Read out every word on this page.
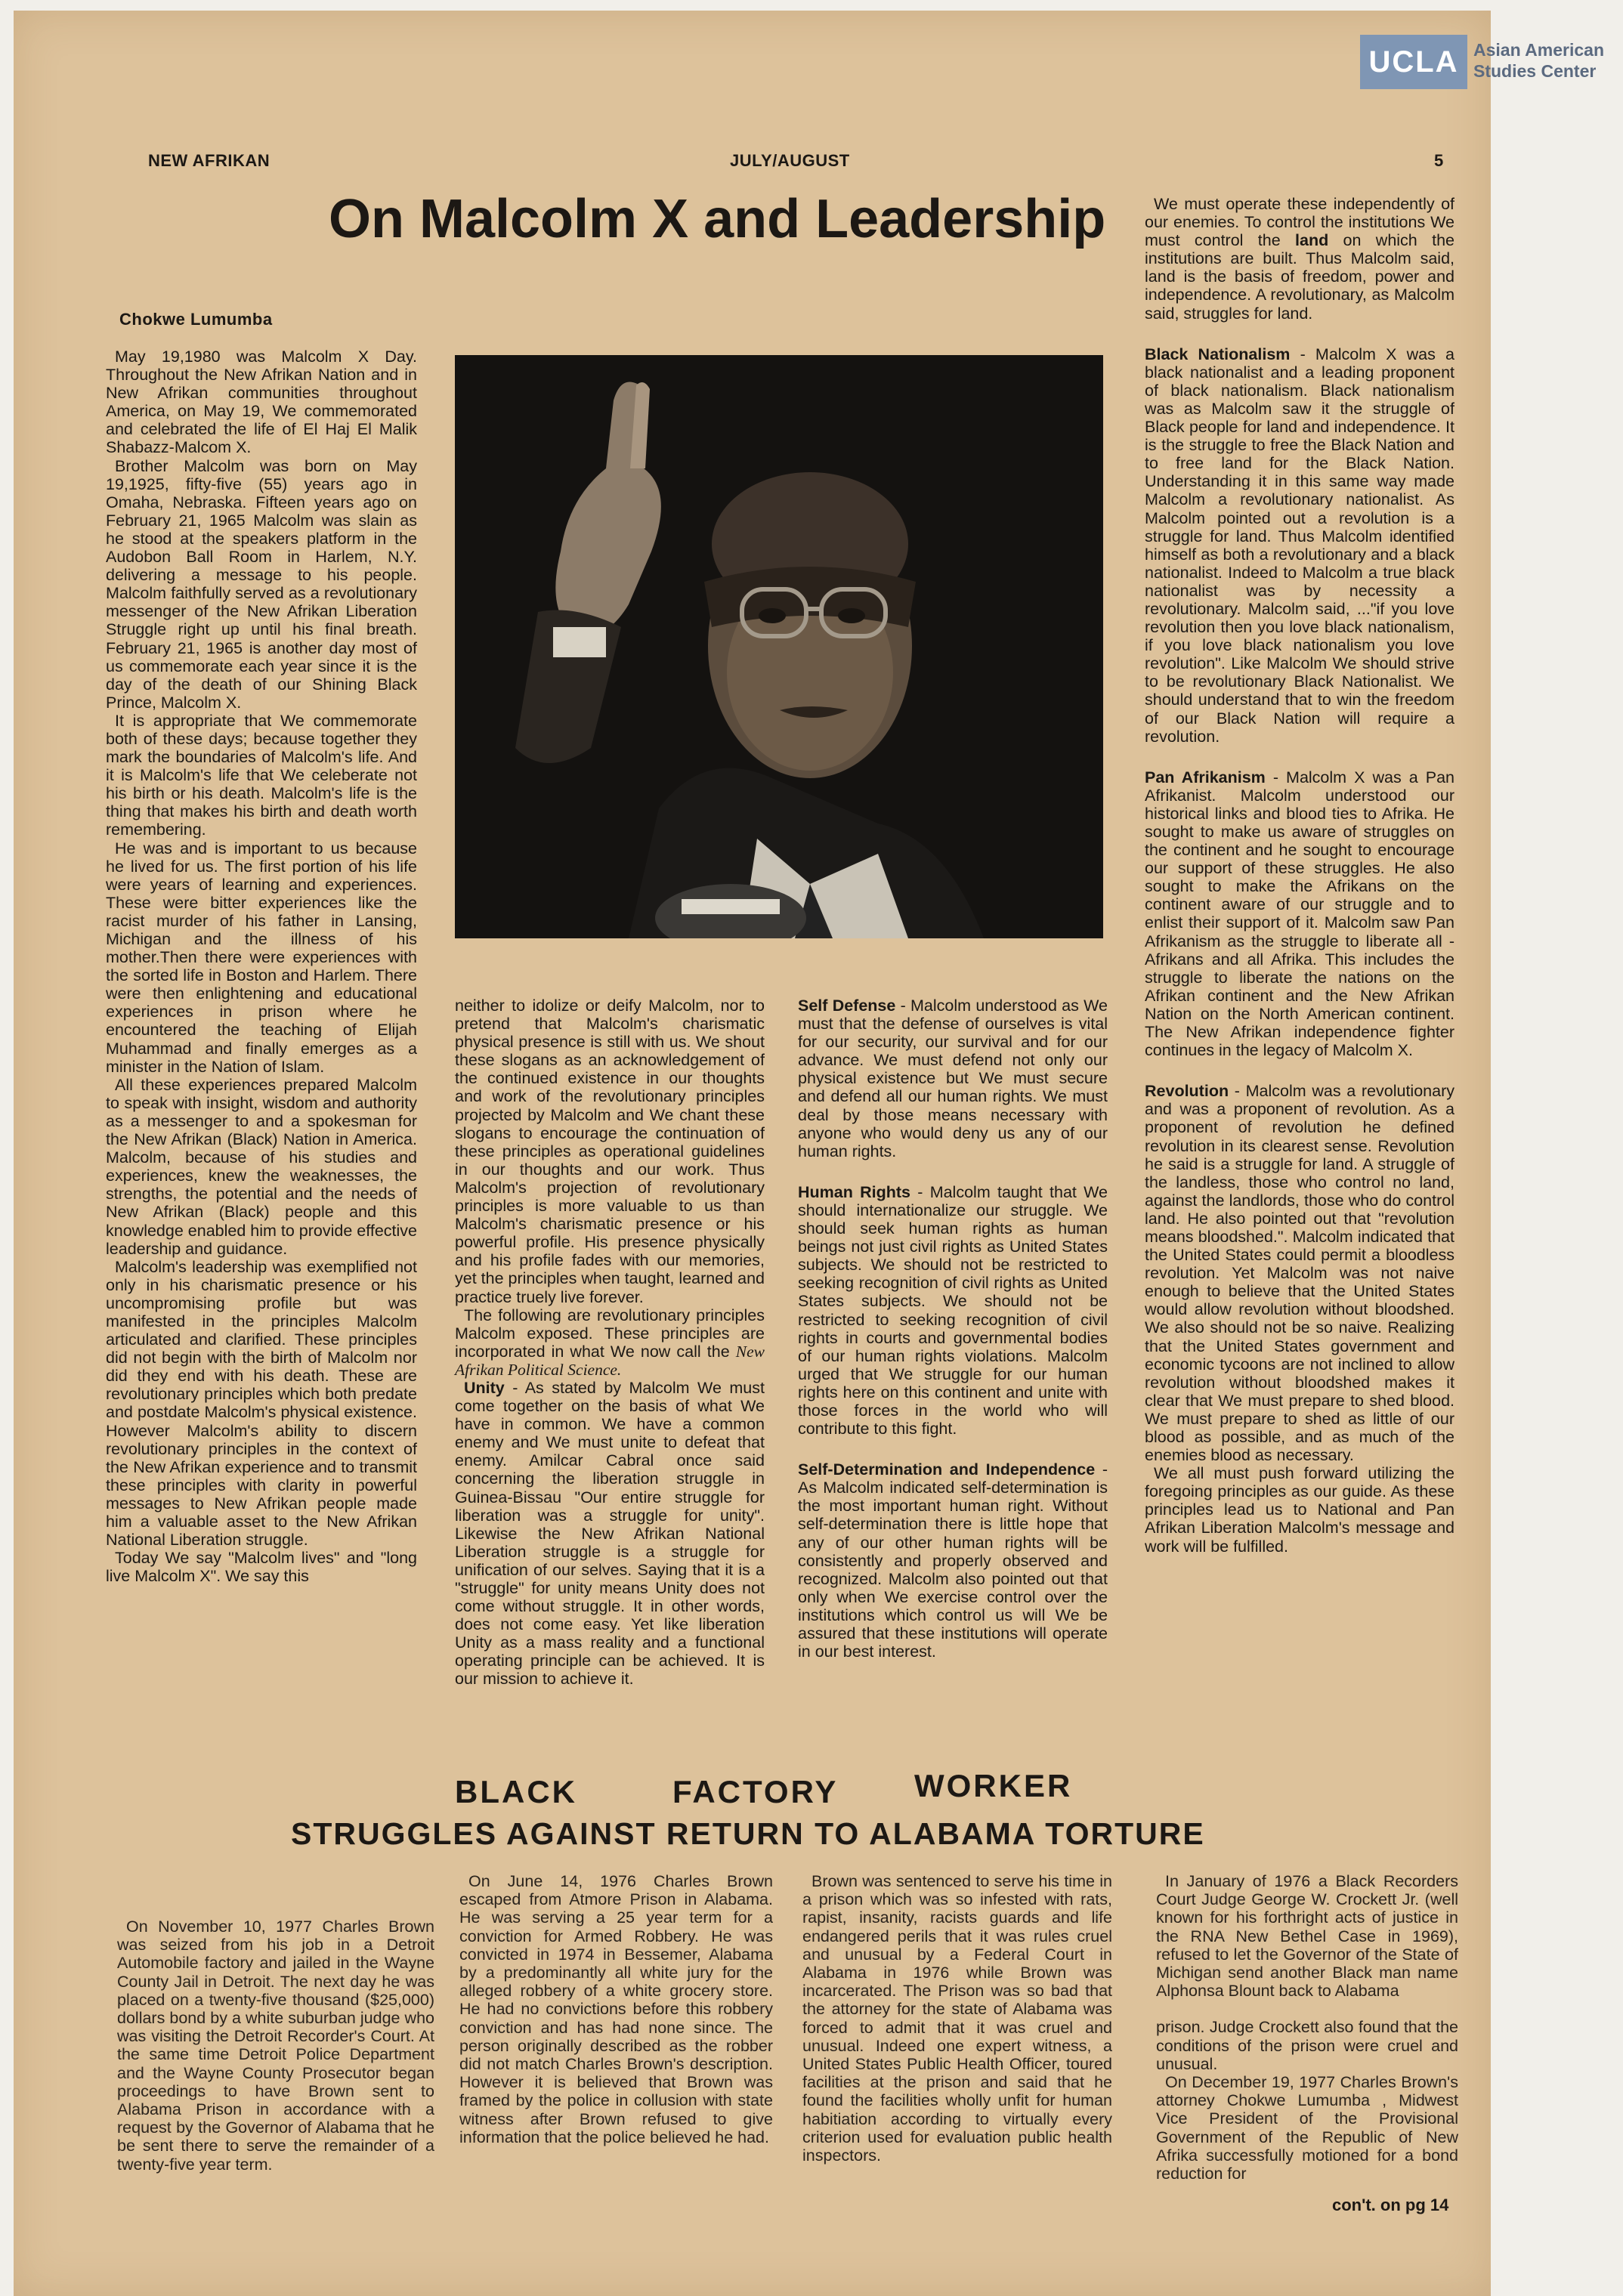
UCLA Asian American
Studies Center
NEW AFRIKAN	JULY/AUGUST	5
On Malcolm X and Leadership
Chokwe Lumumba

May 19,1980 was Malcolm X Day. Throughout the New Afrikan Nation and in New Afrikan communities throughout America, on May 19, We commemorated and celebrated the life of El Haj El Malik Shabazz-Malcom X.

Brother Malcolm was born on May 19,1925, fifty-five (55) years ago in Omaha, Nebraska. Fifteen years ago on February 21, 1965 Malcolm was slain as he stood at the speakers platform in the Audobon Ball Room in Harlem, N.Y. delivering a message to his people. Malcolm faithfully served as a revolutionary messenger of the New Afrikan Liberation Struggle right up until his final breath. February 21, 1965 is another day most of us commemorate each year since it is the day of the death of our Shining Black Prince, Malcolm X.

It is appropriate that We commemorate both of these days; because together they mark the boundaries of Malcolm's life. And it is Malcolm's life that We celeberate not his birth or his death. Malcolm's life is the thing that makes his birth and death worth remembering.

He was and is important to us because he lived for us. The first portion of his life were years of learning and experiences. These were bitter experiences like the racist murder of his father in Lansing, Michigan and the illness of his mother.Then there were experiences with the sorted life in Boston and Harlem. There were then enlightening and educational experiences in prison where he encountered the teaching of Elijah Muhammad and finally emerges as a minister in the Nation of Islam.

All these experiences prepared Malcolm to speak with insight, wisdom and authority as a messenger to and a spokesman for the New Afrikan (Black) Nation in America. Malcolm, because of his studies and experiences, knew the weaknesses, the strengths, the potential and the needs of New Afrikan (Black) people and this knowledge enabled him to provide effective leadership and guidance.

Malcolm's leadership was exemplified not only in his charismatic presence or his uncompromising profile but was manifested in the principles Malcolm articulated and clarified. These principles did not begin with the birth of Malcolm nor did they end with his death. These are revolutionary principles which both predate and postdate Malcolm's physical existence. However Malcolm's ability to discern revolutionary principles in the context of the New Afrikan experience and to transmit these principles with clarity in powerful messages to New Afrikan people made him a valuable asset to the New Afrikan National Liberation struggle.

Today We say "Malcolm lives" and "long live Malcolm X". We say this

neither to idolize or deify Malcolm, nor to pretend that Malcolm's charismatic physical presence is still with us. We shout these slogans as an acknowledgement of the continued existence in our thoughts and work of the revolutionary principles projected by Malcolm and We chant these slogans to encourage the continuation of these principles as operational guidelines in our thoughts and our work. Thus Malcolm's projection of revolutionary principles is more valuable to us than Malcolm's charismatic presence or his powerful profile. His presence physically and his profile fades with our memories, yet the principles when taught, learned and practice truely live forever.

The following are revolutionary principles Malcolm exposed. These principles are incorporated in what We now call the New Afrikan Political Science.

Unity - As stated by Malcolm We must come together on the basis of what We have in common. We have a common enemy and We must unite to defeat that enemy. Amilcar Cabral once said concerning the liberation struggle in Guinea-Bissau "Our entire struggle for liberation was a struggle for unity". Likewise the New Afrikan National Liberation struggle is a struggle for unification of our selves. Saying that it is a "struggle" for unity means Unity does not come without struggle. It in other words, does not come easy. Yet like liberation Unity as a mass reality and a functional operating principle can be achieved. It is our mission to achieve it.

Self Defense - Malcolm understood as We must that the defense of ourselves is vital for our security, our survival and for our advance. We must defend not only our physical existence but We must secure and defend all our human rights. We must deal by those means necessary with anyone who would deny us any of our human rights.

Human Rights - Malcolm taught that We should internationalize our struggle. We should seek human rights as human beings not just civil rights as United States subjects. We should not be restricted to seeking recognition of civil rights as United States subjects. We should not be restricted to seeking recognition of civil rights in courts and governmental bodies of our human rights violations. Malcolm urged that We struggle for our human rights here on this continent and unite with those forces in the world who will contribute to this fight.

Self-Determination and Independence -As Malcolm indicated self-determination is the most important human right. Without self-determination there is little hope that any of our other human rights will be consistently and properly observed and recognized. Malcolm also pointed out that only when We exercise control over the institutions which control us will We be assured that these institutions will operate in our best interest.

We must operate these independently of our enemies. To control the institutions We must control the land on which the institutions are built. Thus Malcolm said, land is the basis of freedom, power and independence. A revolutionary, as Malcolm said, struggles for land.

Black Nationalism - Malcolm X was a black nationalist and a leading proponent of black nationalism. Black nationalism was as Malcolm saw it the struggle of Black people for land and independence. It is the struggle to free the Black Nation and to free land for the Black Nation. Understanding it in this same way made Malcolm a revolutionary nationalist. As Malcolm pointed out a revolution is a struggle for land. Thus Malcolm identified himself as both a revolutionary and a black nationalist. Indeed to Malcolm a true black nationalist was by necessity a revolutionary. Malcolm said, ..."if you love revolution then you love black nationalism, if you love black nationalism you love revolution". Like Malcolm We should strive to be revolutionary Black Nationalist. We should understand that to win the freedom of our Black Nation will require a revolution.

Pan Afrikanism - Malcolm X was a Pan Afrikanist. Malcolm understood our historical links and blood ties to Afrika. He sought to make us aware of struggles on the continent and he sought to encourage our support of these struggles. He also sought to make the Afrikans on the continent aware of our struggle and to enlist their support of it. Malcolm saw Pan Afrikanism as the struggle to liberate all - Afrikans and all Afrika. This includes the struggle to liberate the nations on the Afrikan continent and the New Afrikan Nation on the North American continent. The New Afrikan independence fighter continues in the legacy of Malcolm X.

Revolution - Malcolm was a revolutionary and was a proponent of revolution. As a proponent of revolution he defined revolution in its clearest sense. Revolution he said is a struggle for land. A struggle of the landless, those who control no land, against the landlords, those who do control land. He also pointed out that "revolution means bloodshed.". Malcolm indicated that the United States could permit a bloodless revolution. Yet Malcolm was not naive enough to believe that the United States would allow revolution without bloodshed. We also should not be so naive. Realizing that the United States government and economic tycoons are not inclined to allow revolution without bloodshed makes it clear that We must prepare to shed blood. We must prepare to shed as little of our blood as possible, and as much of the enemies blood as necessary.

We all must push forward utilizing the foregoing principles as our guide. As these principles lead us to National and Pan Afrikan Liberation Malcolm's message and work will be fulfilled.

BLACK	FACTORY WORKER
STRUGGLES AGAINST RETURN TO ALABAMA TORTURE

On November 10, 1977 Charles Brown was seized from his job in a Detroit Automobile factory and jailed in the Wayne County Jail in Detroit. The next day he was placed on a twenty-five thousand ($25,000) dollars bond by a white suburban judge who was visiting the Detroit Recorder's Court. At the same time Detroit Police Department and the Wayne County Prosecutor began proceedings to have Brown sent to Alabama Prison in accordance with a request by the Governor of Alabama that he be sent there to serve the remainder of a twenty-five year term.

On June 14, 1976 Charles Brown escaped from Atmore Prison in Alabama. He was serving a 25 year term for a conviction for Armed Robbery. He was convicted in 1974 in Bessemer, Alabama by a predominantly all white jury for the alleged robbery of a white grocery store. He had no convictions before this robbery conviction and has had none since. The person originally described as the robber did not match Charles Brown's description. However it is believed that Brown was framed by the police in collusion with state witness after Brown refused to give information that the police believed he had.

Brown was sentenced to serve his time in a prison which was so infested with rats, rapist, insanity, racists guards and life endangered perils that it was rules cruel and unusual by a Federal Court in Alabama in 1976 while Brown was incarcerated. The Prison was so bad that the attorney for the state of Alabama was forced to admit that it was cruel and unusual. Indeed one expert witness, a United States Public Health Officer, toured facilities at the prison and said that he found the facilities wholly unfit for human habitiation according to virtually every criterion used for evaluation public health inspectors.

In January of 1976 a Black Recorders Court Judge George W. Crockett Jr. (well known for his forthright acts of justice in the RNA New Bethel Case in 1969), refused to let the Governor of the State of Michigan send another Black man name Alphonsa Blount back to Alabama

prison. Judge Crockett also found that the conditions of the prison were cruel and unusual.

On December 19, 1977 Charles Brown's attorney Chokwe Lumumba , Midwest Vice President of the Provisional Government of the Republic of New Afrika successfully motioned for a bond reduction for

con't. on pg 14
